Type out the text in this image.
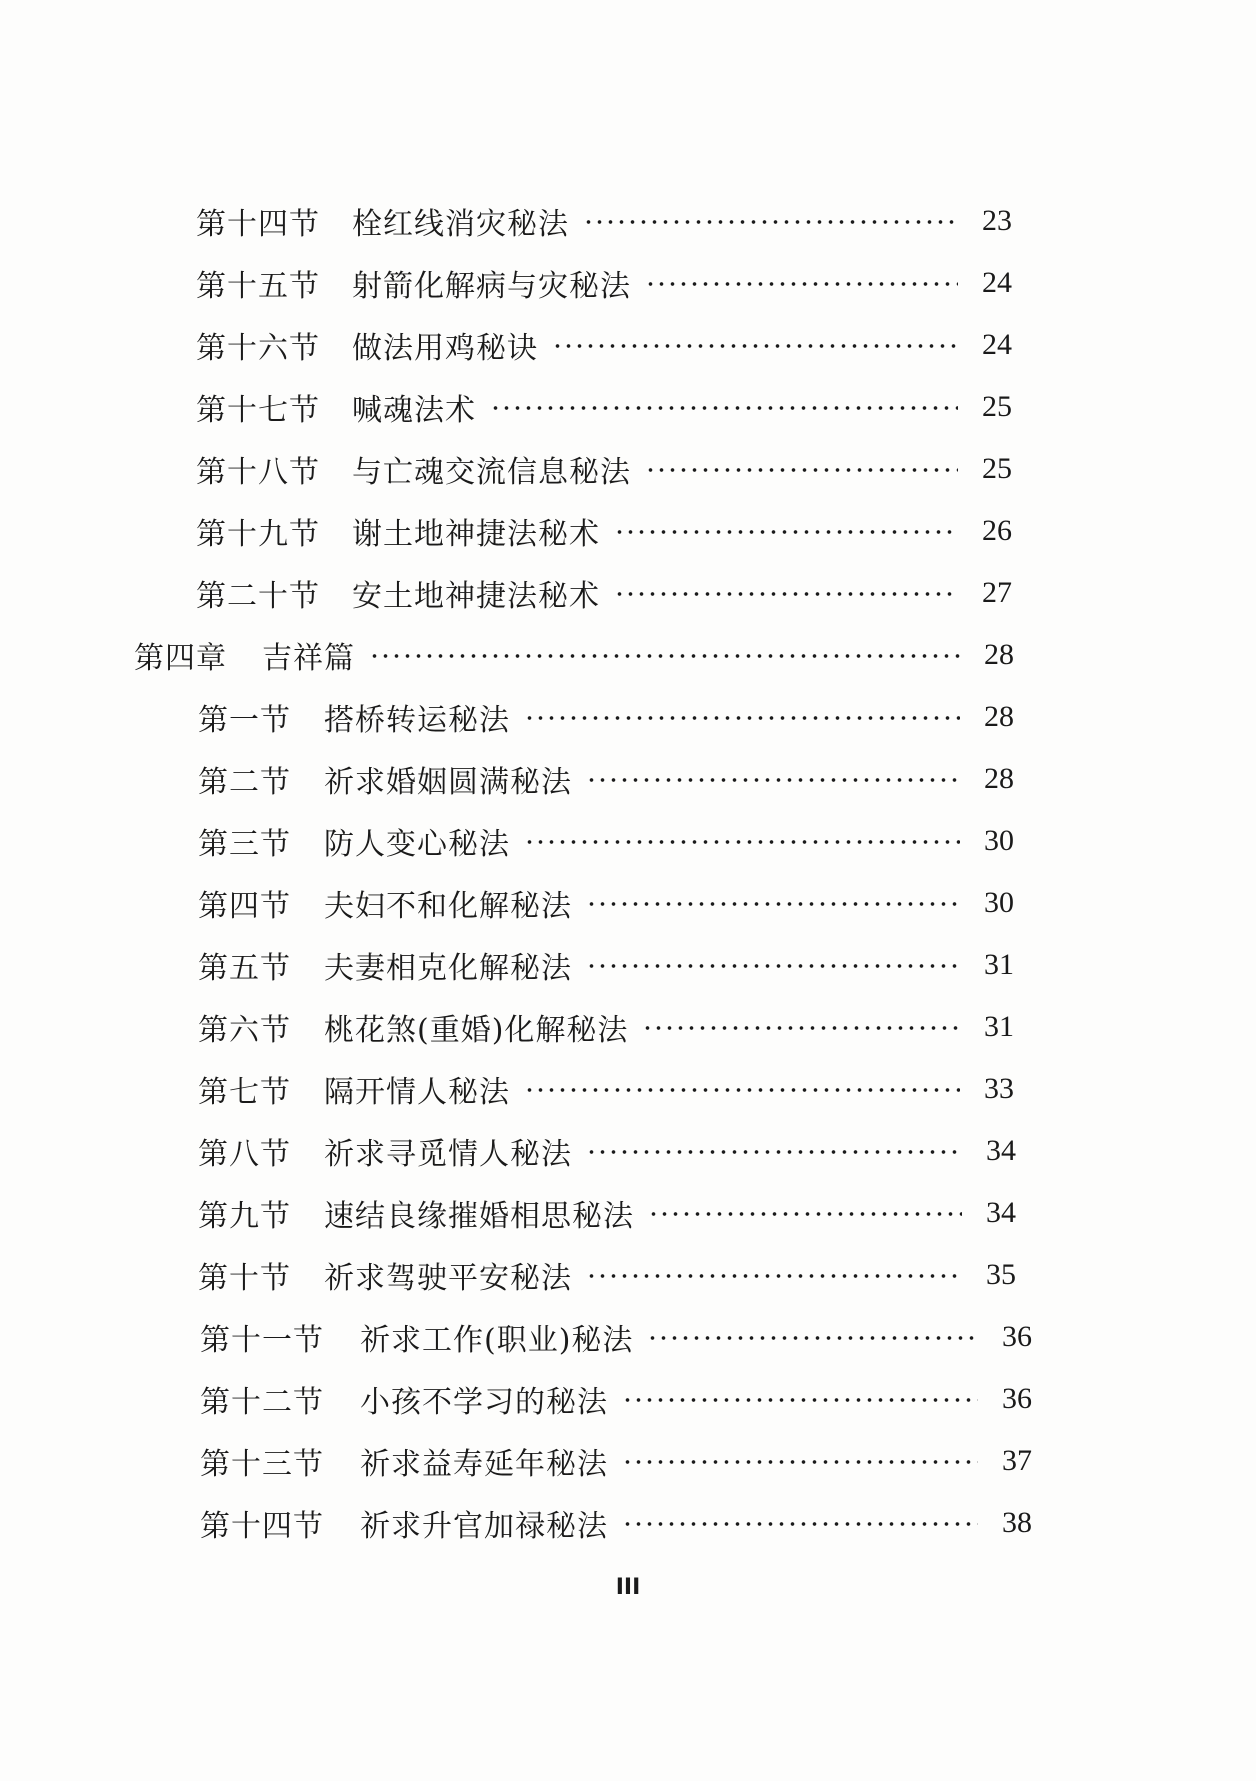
第十四节	栓红线消灾秘法	23
第十五节	射箭化解病与灾秘法	24
第十六节	做法用鸡秘诀	24
第十七节	喊魂法术	25
第十八节	与亡魂交流信息秘法	25
第十九节	谢土地神捷法秘术	26
第二十节	安土地神捷法秘术	27
第四章	吉祥篇	28
第一节	搭桥转运秘法	28
第二节	祈求婚姻圆满秘法	28
第三节	防人变心秘法	30
第四节	夫妇不和化解秘法	30
第五节	夫妻相克化解秘法	31
第六节	桃花煞(重婚)化解秘法	31
第七节	隔开情人秘法	33
第八节	祈求寻觅情人秘法	34
第九节	速结良缘摧婚相思秘法	34
第十节	祈求驾驶平安秘法	35
第十一节	祈求工作(职业)秘法	36
第十二节	小孩不学习的秘法	36
第十三节	祈求益寿延年秘法	37
第十四节	祈求升官加禄秘法	38
III
